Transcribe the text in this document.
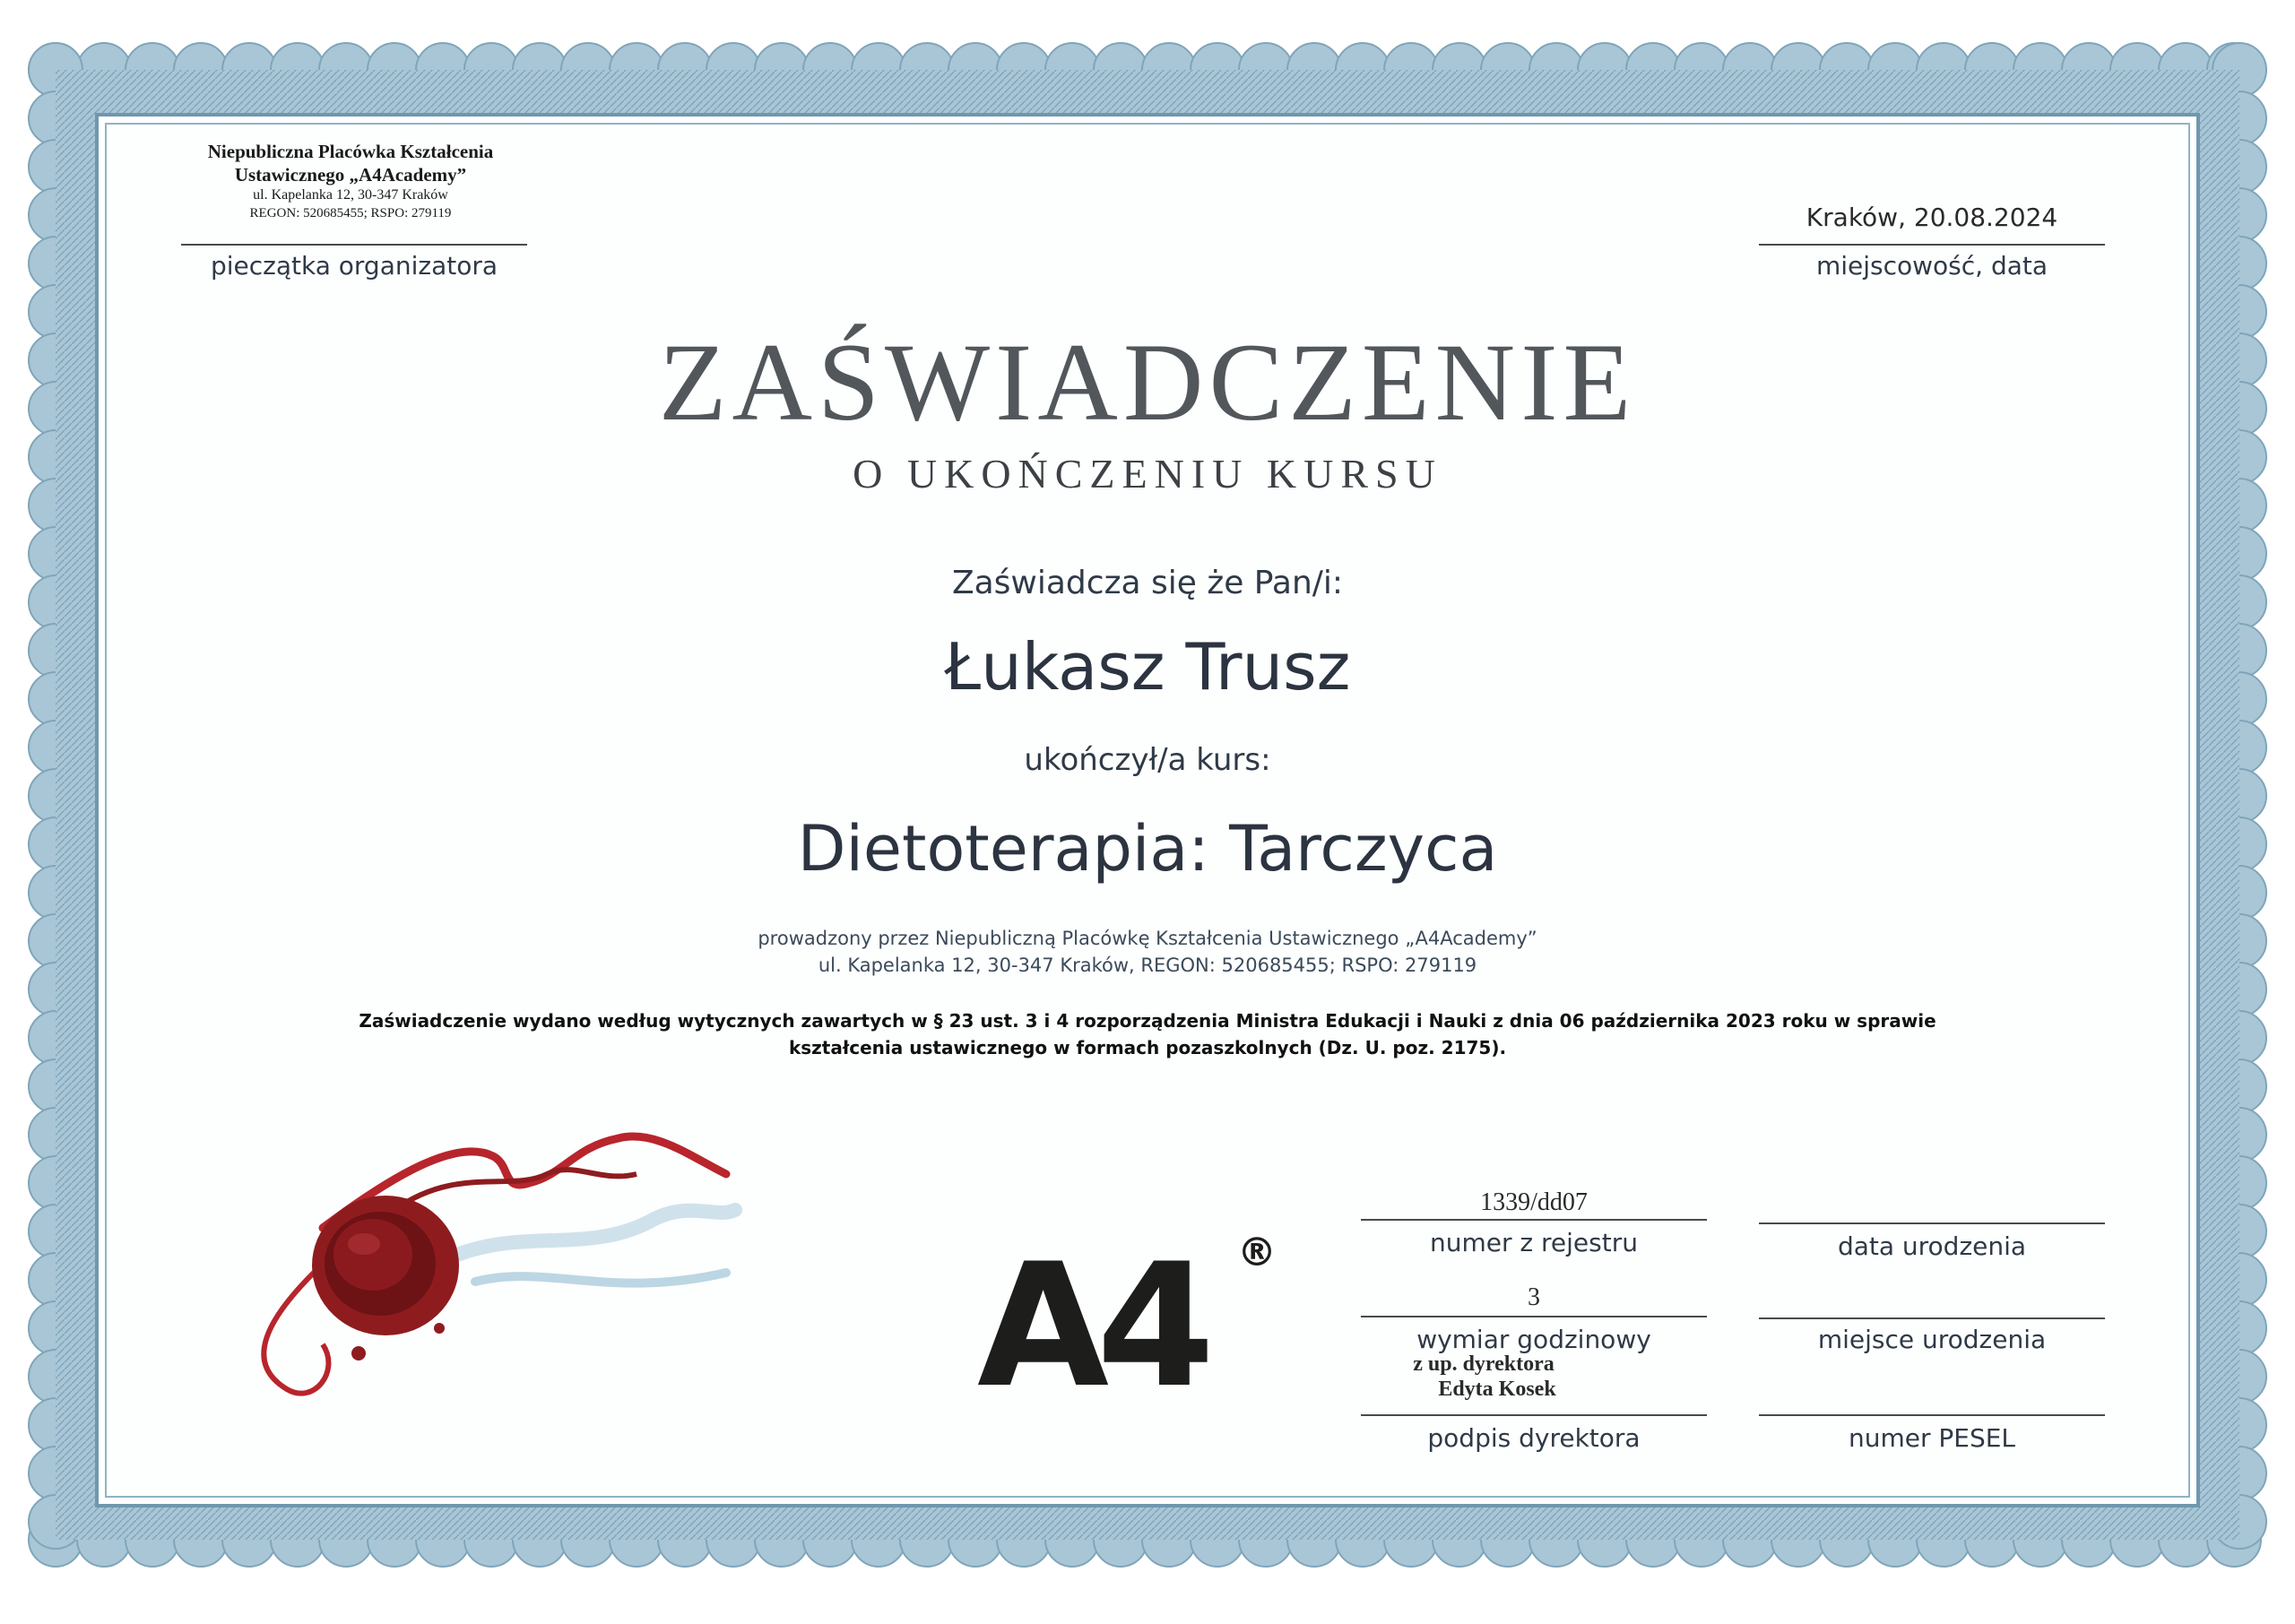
Niepubliczna Placówka Kształcenia
Ustawicznego „A4Academy”
ul. Kapelanka 12, 30-347 Kraków
REGON: 520685455; RSPO: 279119
pieczątka organizatora
Kraków, 20.08.2024
miejscowość, data
ZAŚWIADCZENIE
O UKOŃCZENIU KURSU
Zaświadcza się że Pan/i:
Łukasz Trusz
ukończył/a kurs:
Dietoterapia: Tarczyca
prowadzony przez Niepubliczną Placówkę Kształcenia Ustawicznego „A4Academy”
ul. Kapelanka 12, 30-347 Kraków, REGON: 520685455; RSPO: 279119
Zaświadczenie wydano według wytycznych zawartych w § 23 ust. 3 i 4 rozporządzenia Ministra Edukacji i Nauki z dnia 06 października 2023 roku w sprawie
kształcenia ustawicznego w formach pozaszkolnych (Dz. U. poz. 2175).
A4 ®
1339/dd07
numer z rejestru
3
wymiar godzinowy
z up. dyrektora
Edyta Kosek
podpis dyrektora
data urodzenia
miejsce urodzenia
numer PESEL
